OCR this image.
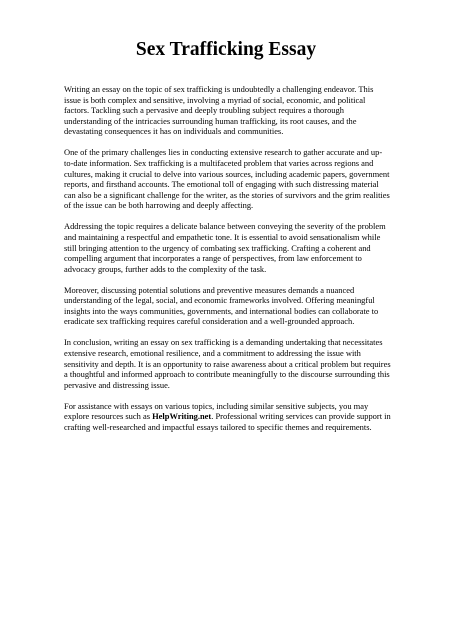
Sex Trafficking Essay

Writing an essay on the topic of sex trafficking is undoubtedly a challenging endeavor. This issue is both complex and sensitive, involving a myriad of social, economic, and political factors. Tackling such a pervasive and deeply troubling subject requires a thorough understanding of the intricacies surrounding human trafficking, its root causes, and the devastating consequences it has on individuals and communities.

One of the primary challenges lies in conducting extensive research to gather accurate and up-to-date information. Sex trafficking is a multifaceted problem that varies across regions and cultures, making it crucial to delve into various sources, including academic papers, government reports, and firsthand accounts. The emotional toll of engaging with such distressing material can also be a significant challenge for the writer, as the stories of survivors and the grim realities of the issue can be both harrowing and deeply affecting.

Addressing the topic requires a delicate balance between conveying the severity of the problem and maintaining a respectful and empathetic tone. It is essential to avoid sensationalism while still bringing attention to the urgency of combating sex trafficking. Crafting a coherent and compelling argument that incorporates a range of perspectives, from law enforcement to advocacy groups, further adds to the complexity of the task.

Moreover, discussing potential solutions and preventive measures demands a nuanced understanding of the legal, social, and economic frameworks involved. Offering meaningful insights into the ways communities, governments, and international bodies can collaborate to eradicate sex trafficking requires careful consideration and a well-grounded approach.

In conclusion, writing an essay on sex trafficking is a demanding undertaking that necessitates extensive research, emotional resilience, and a commitment to addressing the issue with sensitivity and depth. It is an opportunity to raise awareness about a critical problem but requires a thoughtful and informed approach to contribute meaningfully to the discourse surrounding this pervasive and distressing issue.

For assistance with essays on various topics, including similar sensitive subjects, you may explore resources such as HelpWriting.net. Professional writing services can provide support in crafting well-researched and impactful essays tailored to specific themes and requirements.
